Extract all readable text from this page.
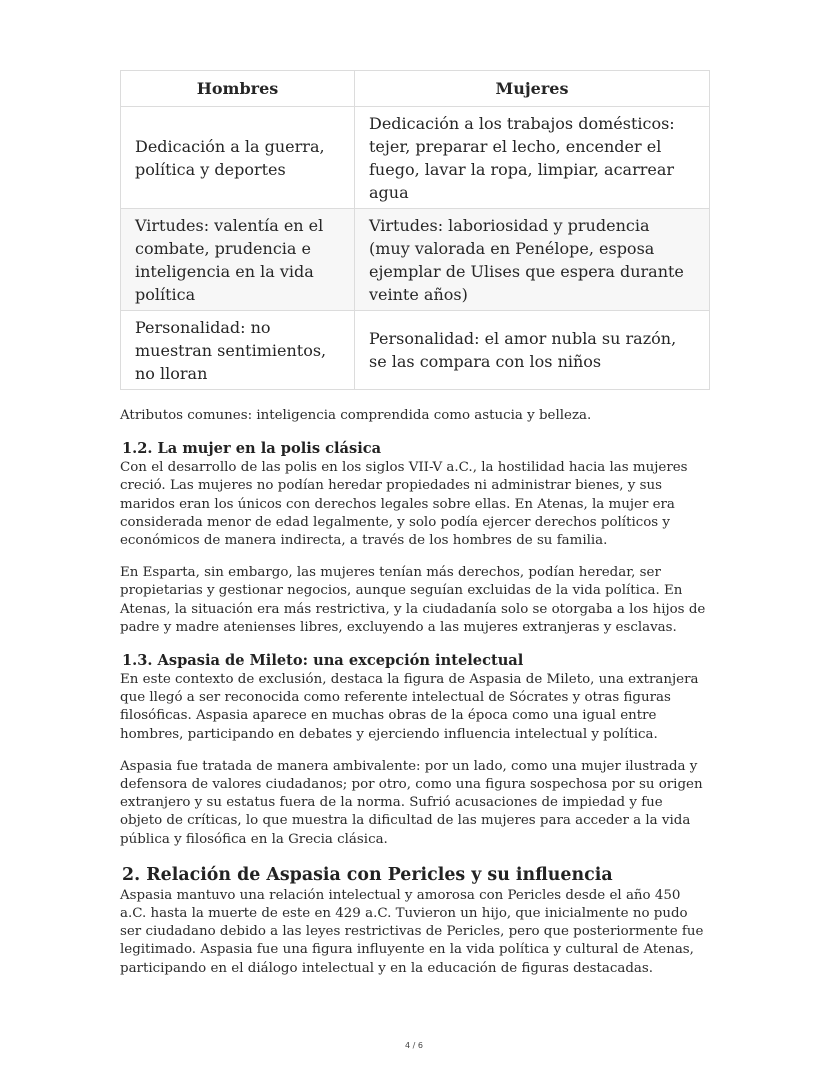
Hombres	Mujeres
Dedicación a la guerra, política y deportes	Dedicación a los trabajos domésticos: tejer, preparar el lecho, encender el fuego, lavar la ropa, limpiar, acarrear agua
Virtudes: valentía en el combate, prudencia e inteligencia en la vida política	Virtudes: laboriosidad y prudencia (muy valorada en Penélope, esposa ejemplar de Ulises que espera durante veinte años)
Personalidad: no muestran sentimientos, no lloran	Personalidad: el amor nubla su razón, se las compara con los niños

Atributos comunes: inteligencia comprendida como astucia y belleza.

1.2. La mujer en la polis clásica

Con el desarrollo de las polis en los siglos VII-V a.C., la hostilidad hacia las mujeres creció. Las mujeres no podían heredar propiedades ni administrar bienes, y sus maridos eran los únicos con derechos legales sobre ellas. En Atenas, la mujer era considerada menor de edad legalmente, y solo podía ejercer derechos políticos y económicos de manera indirecta, a través de los hombres de su familia.

En Esparta, sin embargo, las mujeres tenían más derechos, podían heredar, ser propietarias y gestionar negocios, aunque seguían excluidas de la vida política. En Atenas, la situación era más restrictiva, y la ciudadanía solo se otorgaba a los hijos de padre y madre atenienses libres, excluyendo a las mujeres extranjeras y esclavas.

1.3. Aspasia de Mileto: una excepción intelectual

En este contexto de exclusión, destaca la figura de Aspasia de Mileto, una extranjera que llegó a ser reconocida como referente intelectual de Sócrates y otras figuras filosóficas. Aspasia aparece en muchas obras de la época como una igual entre hombres, participando en debates y ejerciendo influencia intelectual y política.

Aspasia fue tratada de manera ambivalente: por un lado, como una mujer ilustrada y defensora de valores ciudadanos; por otro, como una figura sospechosa por su origen extranjero y su estatus fuera de la norma. Sufrió acusaciones de impiedad y fue objeto de críticas, lo que muestra la dificultad de las mujeres para acceder a la vida pública y filosófica en la Grecia clásica.

2. Relación de Aspasia con Pericles y su influencia

Aspasia mantuvo una relación intelectual y amorosa con Pericles desde el año 450 a.C. hasta la muerte de este en 429 a.C. Tuvieron un hijo, que inicialmente no pudo ser ciudadano debido a las leyes restrictivas de Pericles, pero que posteriormente fue legitimado. Aspasia fue una figura influyente en la vida política y cultural de Atenas, participando en el diálogo intelectual y en la educación de figuras destacadas.

4 / 6
